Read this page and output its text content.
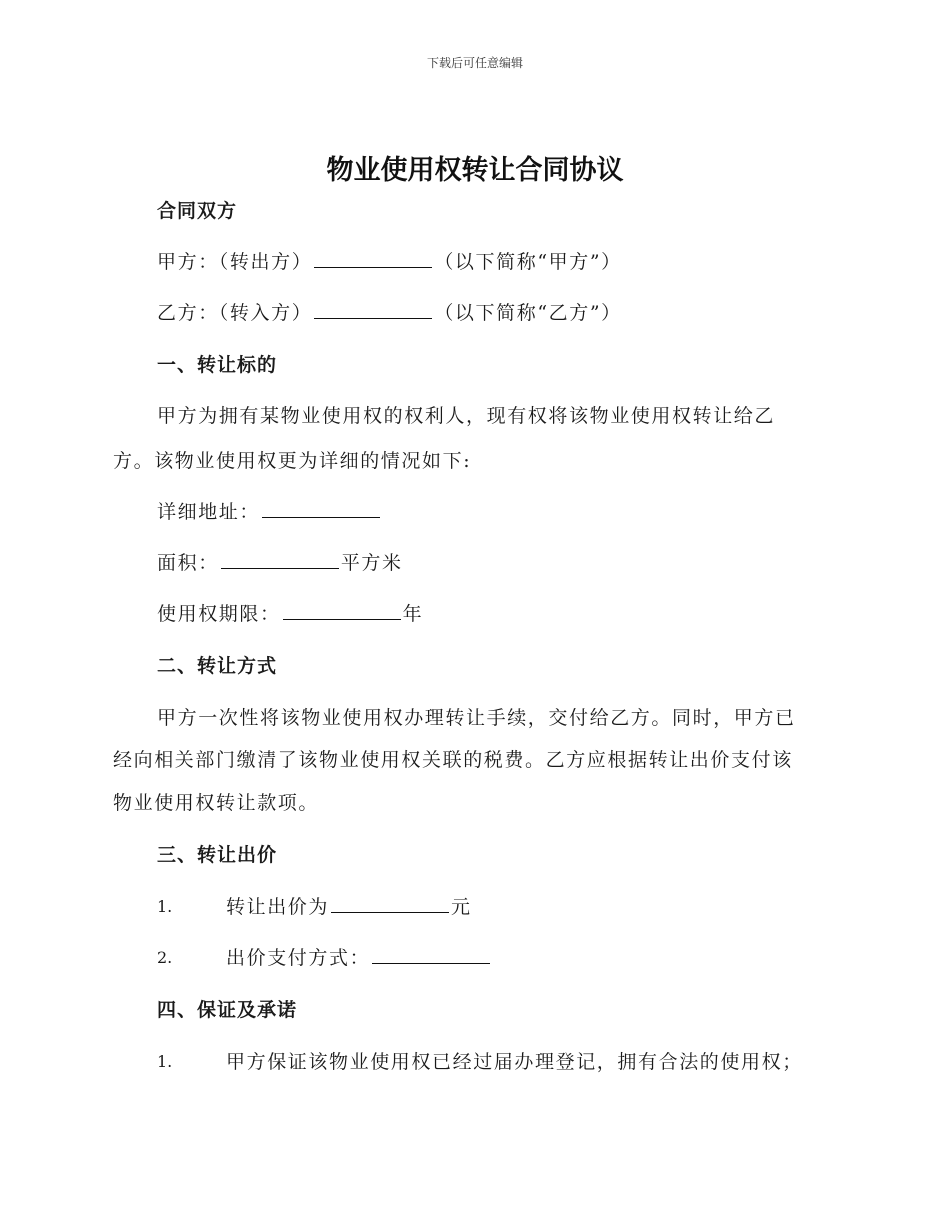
下载后可任意编辑
物业使用权转让合同协议
合同双方
甲方：（转出方）	（以下简称“甲方”）
乙方：（转入方）	（以下简称“乙方”）
一、转让标的
甲方为拥有某物业使用权的权利人，现有权将该物业使用权转让给乙
方。该物业使用权更为详细的情况如下:
详细地址：
面积：	平方米
使用权期限：	年
二、转让方式
甲方一次性将该物业使用权办理转让手续，交付给乙方。同时，甲方已
经向相关部门缴清了该物业使用权关联的税费。乙方应根据转让出价支付该
物业使用权转让款项。
三、转让出价
1.	转让出价为	元
2.	出价支付方式：
四、保证及承诺
1.	甲方保证该物业使用权已经过届办理登记，拥有合法的使用权；
